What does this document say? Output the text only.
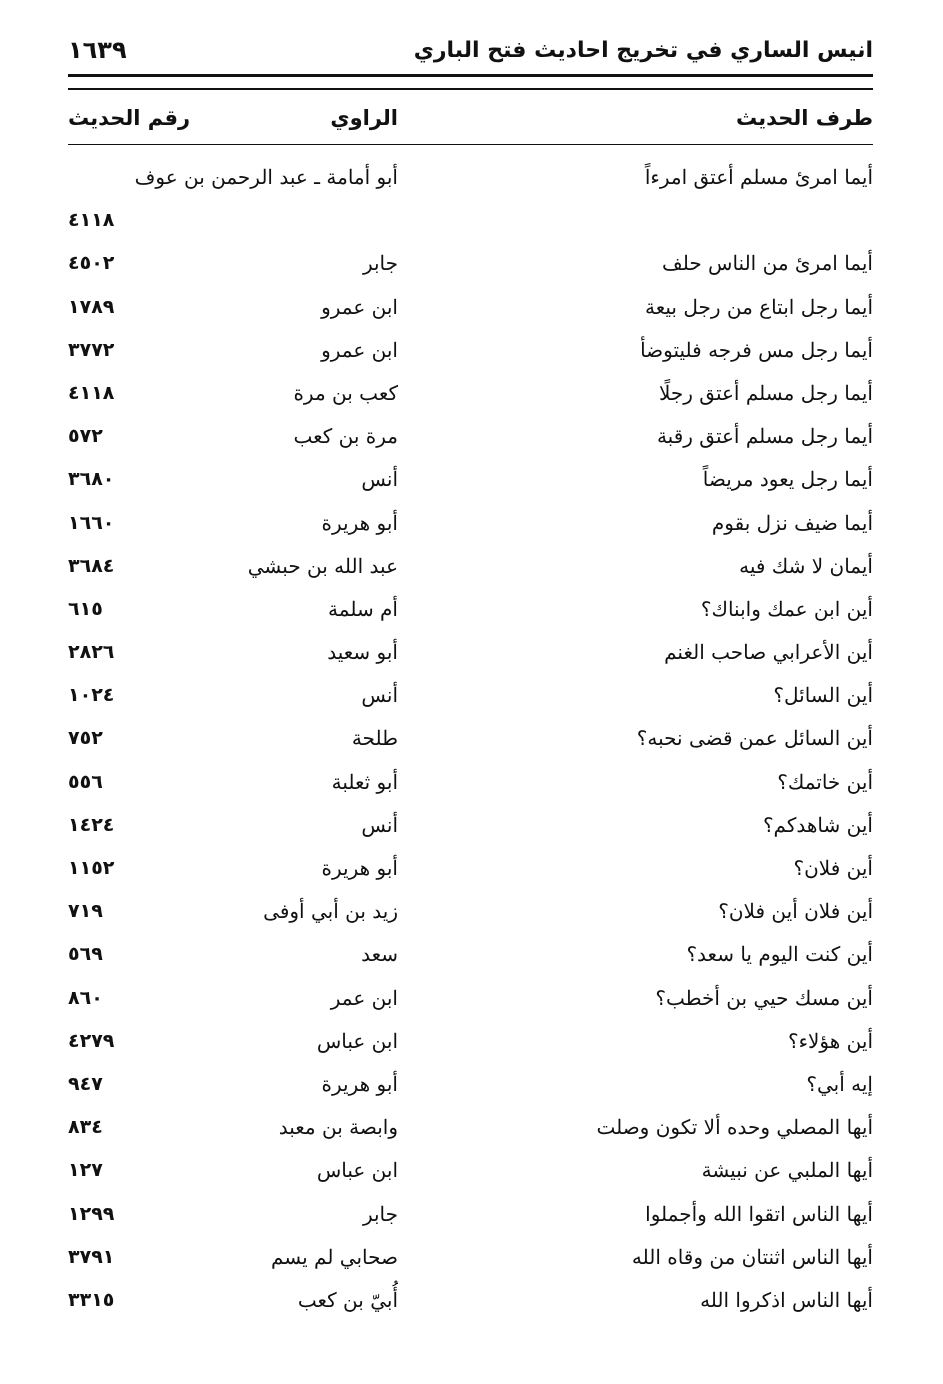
انيس الساري في تخريج احاديث فتح الباري
١٦٣٩
طرف الحديث
الراوي
رقم الحديث
أيما امرئ مسلم أعتق امرءاً
أبو أمامة ـ عبد الرحمن بن عوف
٤١١٨
أيما امرئ من الناس حلف
جابر
٤٥٠٢
أيما رجل ابتاع من رجل بيعة
ابن عمرو
١٧٨٩
أيما رجل مس فرجه فليتوضأ
ابن عمرو
٣٧٧٢
أيما رجل مسلم أعتق رجلًا
كعب بن مرة
٤١١٨
أيما رجل مسلم أعتق رقبة
مرة بن كعب
٥٧٢
أيما رجل يعود مريضاً
أنس
٣٦٨٠
أيما ضيف نزل بقوم
أبو هريرة
١٦٦٠
أيمان لا شك فيه
عبد الله بن حبشي
٣٦٨٤
أين ابن عمك وابناك؟
أم سلمة
٦١٥
أين الأعرابي صاحب الغنم
أبو سعيد
٢٨٢٦
أين السائل؟
أنس
١٠٢٤
أين السائل عمن قضى نحبه؟
طلحة
٧٥٢
أين خاتمك؟
أبو ثعلبة
٥٥٦
أين شاهدكم؟
أنس
١٤٢٤
أين فلان؟
أبو هريرة
١١٥٢
أين فلان أين فلان؟
زيد بن أبي أوفى
٧١٩
أين كنت اليوم يا سعد؟
سعد
٥٦٩
أين مسك حيي بن أخطب؟
ابن عمر
٨٦٠
أين هؤلاء؟
ابن عباس
٤٢٧٩
إيه أبي؟
أبو هريرة
٩٤٧
أيها المصلي وحده ألا تكون وصلت
وابصة بن معبد
٨٣٤
أيها الملبي عن نبيشة
ابن عباس
١٢٧
أيها الناس اتقوا الله وأجملوا
جابر
١٢٩٩
أيها الناس اثنتان من وقاه الله
صحابي لم يسم
٣٧٩١
أيها الناس اذكروا الله
أُبيّ بن كعب
٣٣١٥
